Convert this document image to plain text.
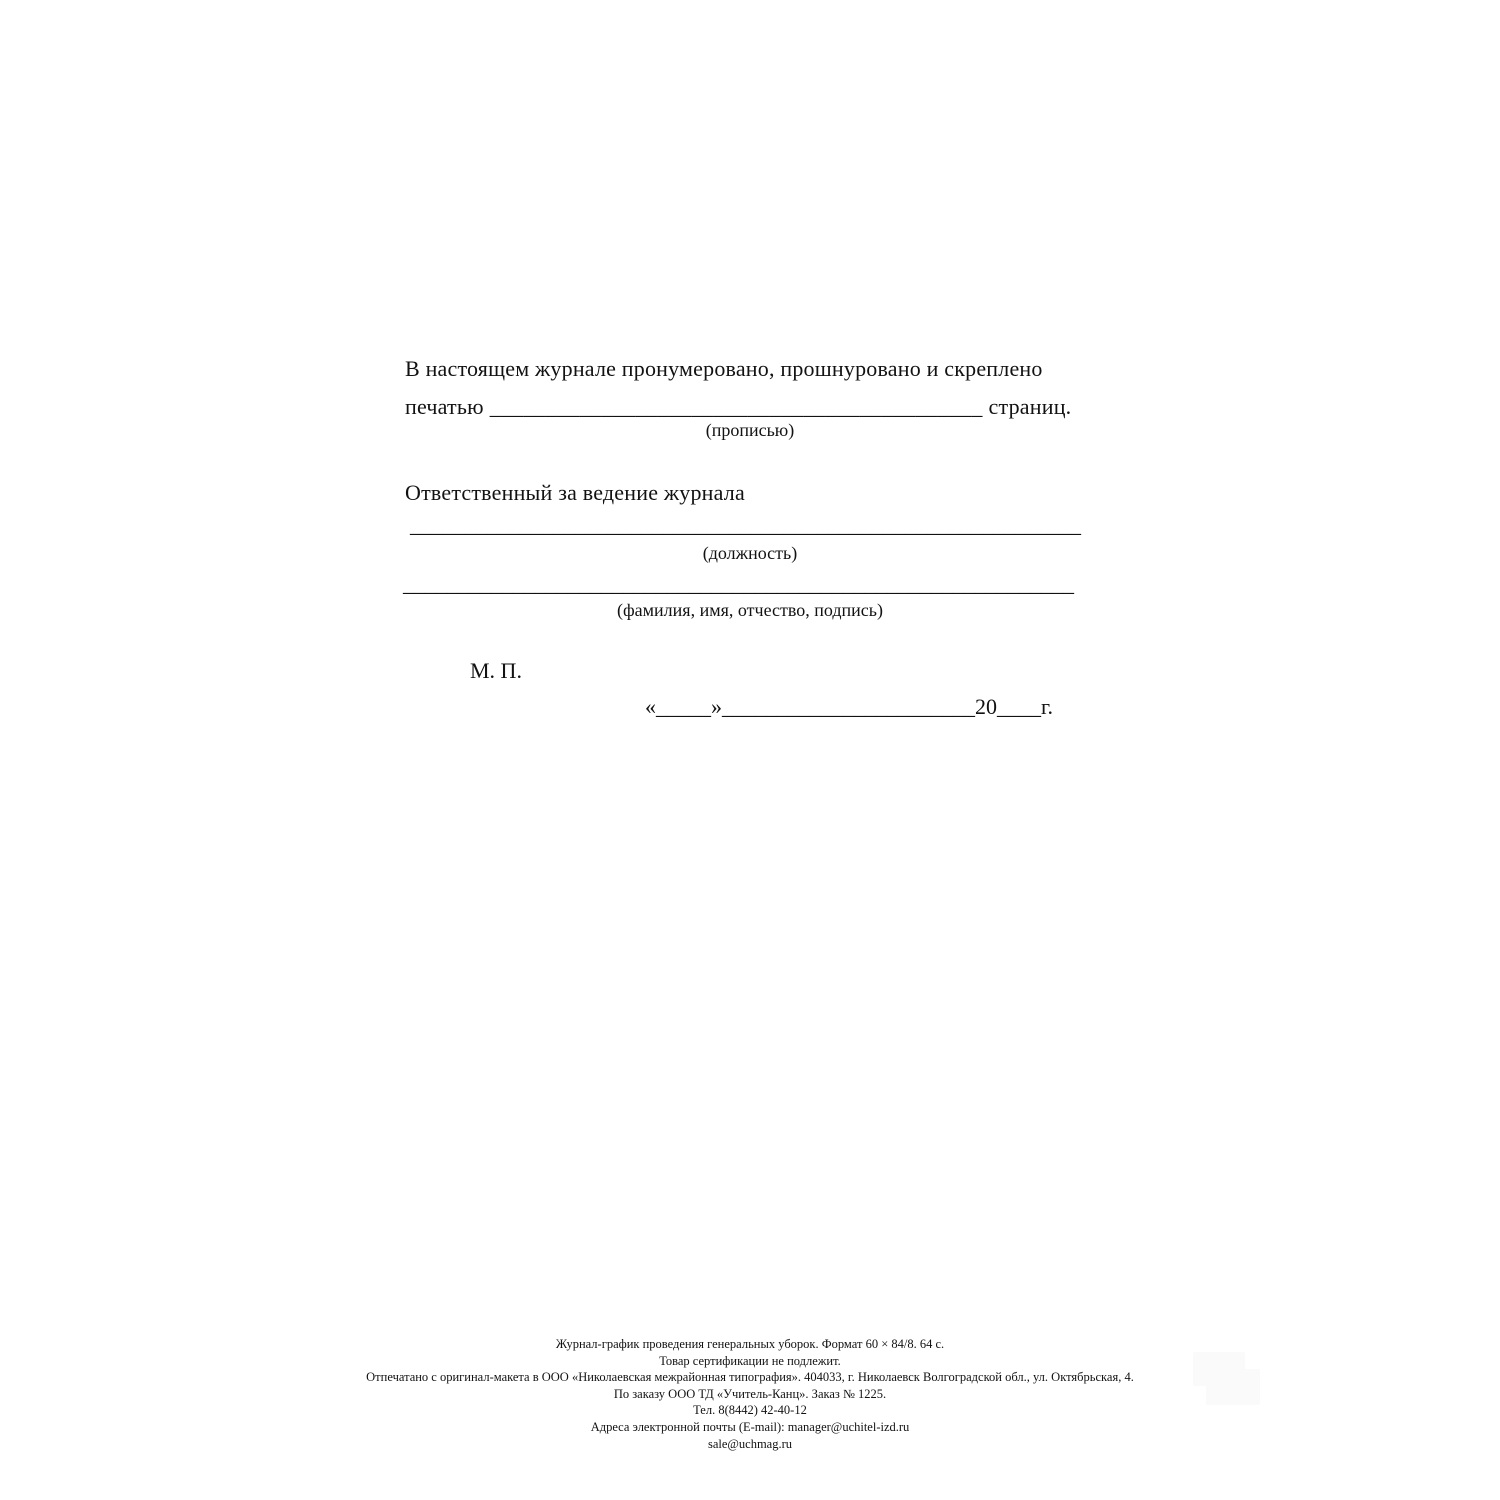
В настоящем журнале пронумеровано, прошнуровано и скреплено
печатью ____________________________________________ страниц.
(прописью)
Ответственный за ведение журнала
_____________________________________________________________
(должность)
_____________________________________________________________
(фамилия, имя, отчество, подпись)
М. П.
«_____»_______________________20____г.
Журнал-график проведения генеральных уборок. Формат 60 × 84/8. 64 с.
Товар сертификации не подлежит.
Отпечатано с оригинал-макета в ООО «Николаевская межрайонная типография». 404033, г. Николаевск Волгоградской обл., ул. Октябрьская, 4.
По заказу ООО ТД «Учитель-Канц». Заказ № 1225.
Тел. 8(8442) 42-40-12
Адреса электронной почты (E-mail): manager@uchitel-izd.ru
sale@uchmag.ru
